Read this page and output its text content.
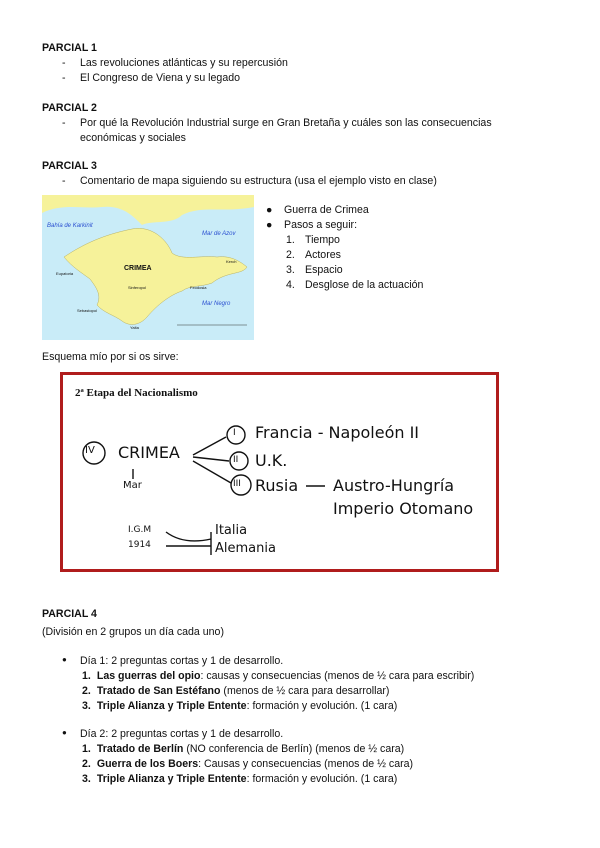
PARCIAL 1
- Las revoluciones atlánticas y su repercusión
- El Congreso de Viena y su legado
PARCIAL 2
- Por qué la Revolución Industrial surge en Gran Bretaña y cuáles son las consecuencias
económicas y sociales
PARCIAL 3
- Comentario de mapa siguiendo su estructura (usa el ejemplo visto en clase)
Bahía de Karkinit
Mar de Azov
CRIMEA
Mar Negro
Sinferopol
Sebastopol
Yalta
Kerch
Feodosia
Eupatoria
● Guerra de Crimea
● Pasos a seguir:
1. Tiempo
2. Actores
3. Espacio
4. Desglose de la actuación
Esquema mío por si os sirve:
2ª Etapa del Nacionalismo
IV CRIMEA
Mar
I
II
III
Francia - Napoleón II
U.K.
Rusia Austro-Hungría
Imperio Otomano
I.G.M
1914
Italia
Alemania
PARCIAL 4
(División en 2 grupos un día cada uno)
● Día 1: 2 preguntas cortas y 1 de desarrollo.
● Día 2: 2 preguntas cortas y 1 de desarrollo.
1. Las guerras del opio: causas y consecuencias (menos de ½ cara para escribir)
2. Tratado de San Estéfano (menos de ½ cara para desarrollar)
3. Triple Alianza y Triple Entente: formación y evolución. (1 cara)
1. Tratado de Berlín (NO conferencia de Berlín) (menos de ½ cara)
2. Guerra de los Boers: Causas y consecuencias (menos de ½ cara)
3. Triple Alianza y Triple Entente: formación y evolución. (1 cara)
